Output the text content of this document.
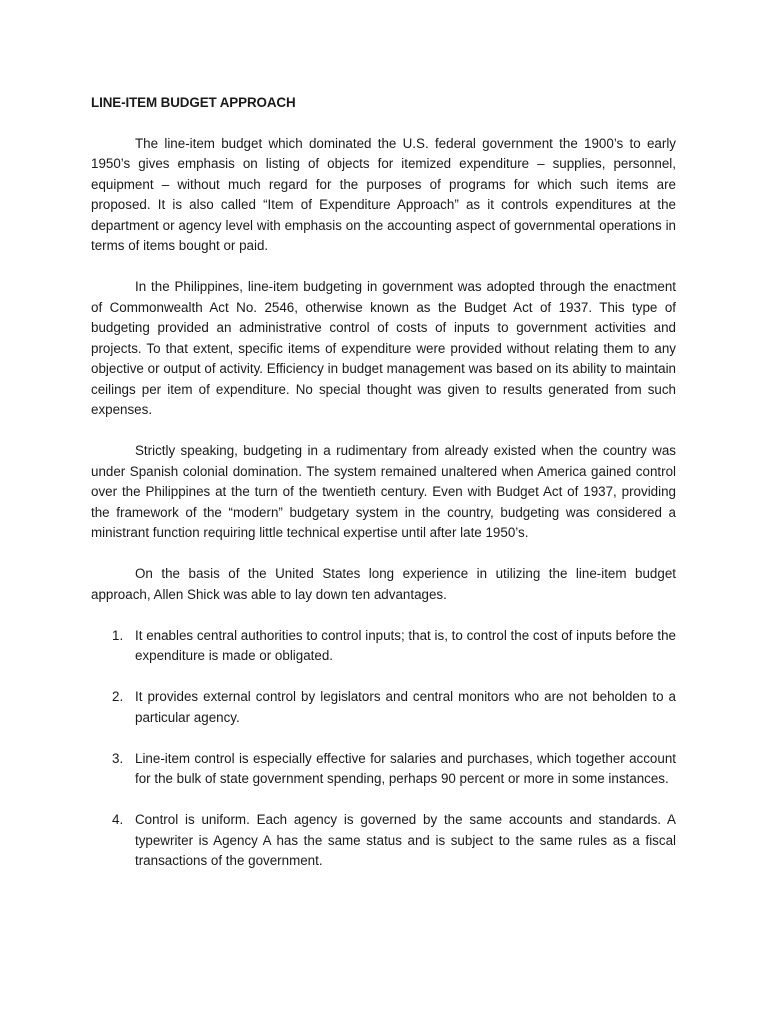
LINE-ITEM BUDGET APPROACH

The line-item budget which dominated the U.S. federal government the 1900’s to early 1950’s gives emphasis on listing of objects for itemized expenditure – supplies, personnel, equipment – without much regard for the purposes of programs for which such items are proposed. It is also called “Item of Expenditure Approach” as it controls expenditures at the department or agency level with emphasis on the accounting aspect of governmental operations in terms of items bought or paid.

In the Philippines, line-item budgeting in government was adopted through the enactment of Commonwealth Act No. 2546, otherwise known as the Budget Act of 1937. This type of budgeting provided an administrative control of costs of inputs to government activities and projects. To that extent, specific items of expenditure were provided without relating them to any objective or output of activity. Efficiency in budget management was based on its ability to maintain ceilings per item of expenditure. No special thought was given to results generated from such expenses.

Strictly speaking, budgeting in a rudimentary from already existed when the country was under Spanish colonial domination. The system remained unaltered when America gained control over the Philippines at the turn of the twentieth century. Even with Budget Act of 1937, providing the framework of the “modern” budgetary system in the country, budgeting was considered a ministrant function requiring little technical expertise until after late 1950’s.

On the basis of the United States long experience in utilizing the line-item budget approach, Allen Shick was able to lay down ten advantages.

1. It enables central authorities to control inputs; that is, to control the cost of inputs before the expenditure is made or obligated.
2. It provides external control by legislators and central monitors who are not beholden to a particular agency.
3. Line-item control is especially effective for salaries and purchases, which together account for the bulk of state government spending, perhaps 90 percent or more in some instances.
4. Control is uniform. Each agency is governed by the same accounts and standards. A typewriter is Agency A has the same status and is subject to the same rules as a fiscal transactions of the government.
